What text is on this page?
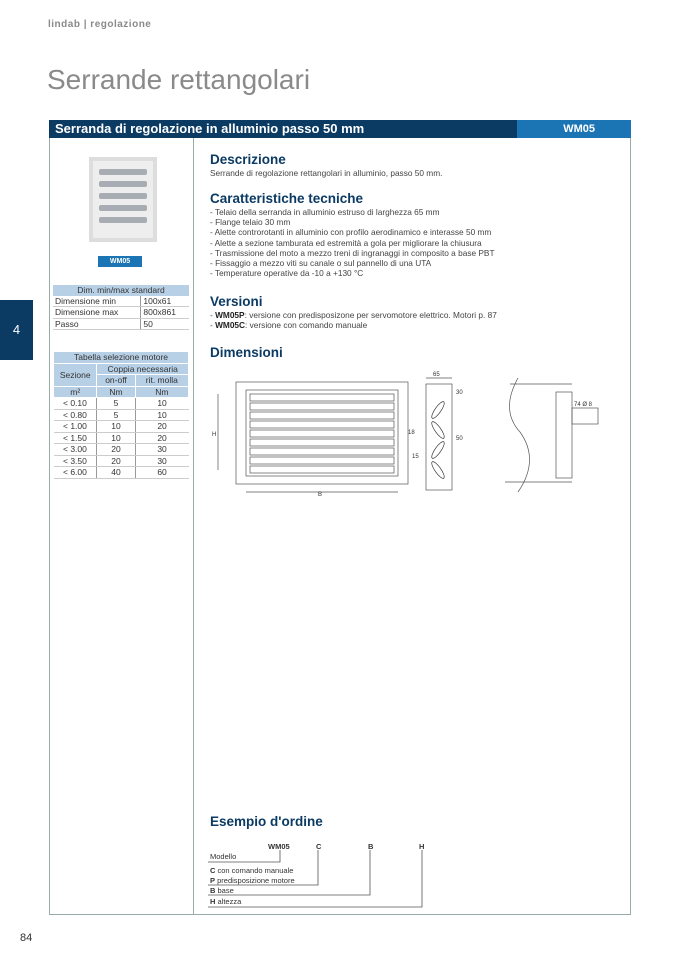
lindab | regolazione
Serrande rettangolari
Serranda di regolazione in alluminio passo 50 mm	WM05
4
84
WM05
Dim. min/max standard	
Dimensione min	100x61
Dimensione max	800x861
Passo	50
Tabella selezione motore		
Sezione	Coppia necessaria	
	on-off	rit. molla
m²	Nm	Nm
< 0.10	5	10
< 0.80	5	10
< 1.00	10	20
< 1.50	10	20
< 3.00	20	30
< 3.50	20	30
< 6.00	40	60
Descrizione
Serrande di regolazione rettangolari in alluminio, passo 50 mm.
Caratteristiche tecniche
- Telaio della serranda in alluminio estruso di larghezza 65 mm
- Flange telaio 30 mm
- Alette controrotanti in alluminio con profilo aerodinamico e interasse 50 mm
- Alette a sezione tamburata ed estremità a gola per migliorare la chiusura
- Trasmissione del moto a mezzo treni di ingranaggi in composito a base PBT
- Fissaggio a mezzo viti su canale o sul pannello di una UTA
- Temperature operative da -10 a +130 °C
Versioni
- WM05P: versione con predisposizone per servomotore elettrico. Motori p. 87
- WM05C: versione con comando manuale
Dimensioni
H
B
15
18
65
30
50
74 Ø 8
Esempio d'ordine
WM05	C	B	H
Modello
C con comando manuale
P predisposizione motore
B base
H altezza
